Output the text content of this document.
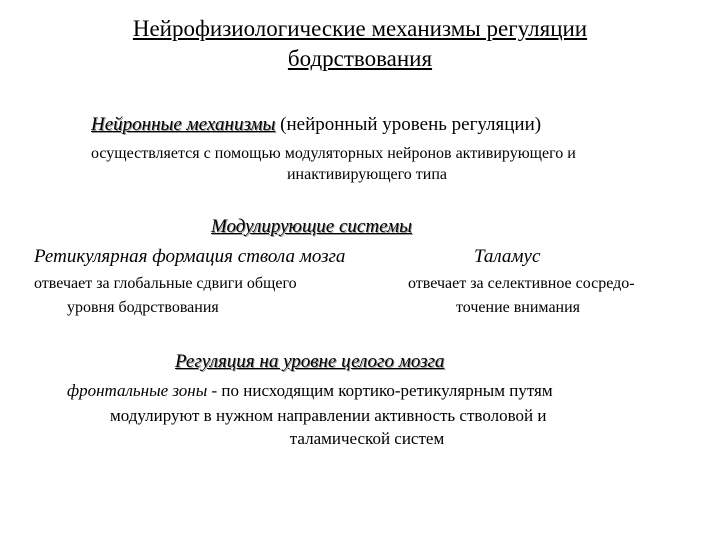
Нейрофизиологические механизмы регуляции
бодрствования
Нейронные механизмы (нейронный уровень регуляции)
осуществляется с помощью модуляторных нейронов активирующего и
инактивирующего типа
Модулирующие системы
Ретикулярная формация ствола мозга	Таламус
отвечает за глобальные сдвиги общего
уровня бодрствования
отвечает за селективное сосредо-
точение внимания
Регуляция на уровне целого мозга
фронтальные зоны - по нисходящим кортико-ретикулярным путям
модулируют в нужном направлении активность стволовой и
таламической систем
